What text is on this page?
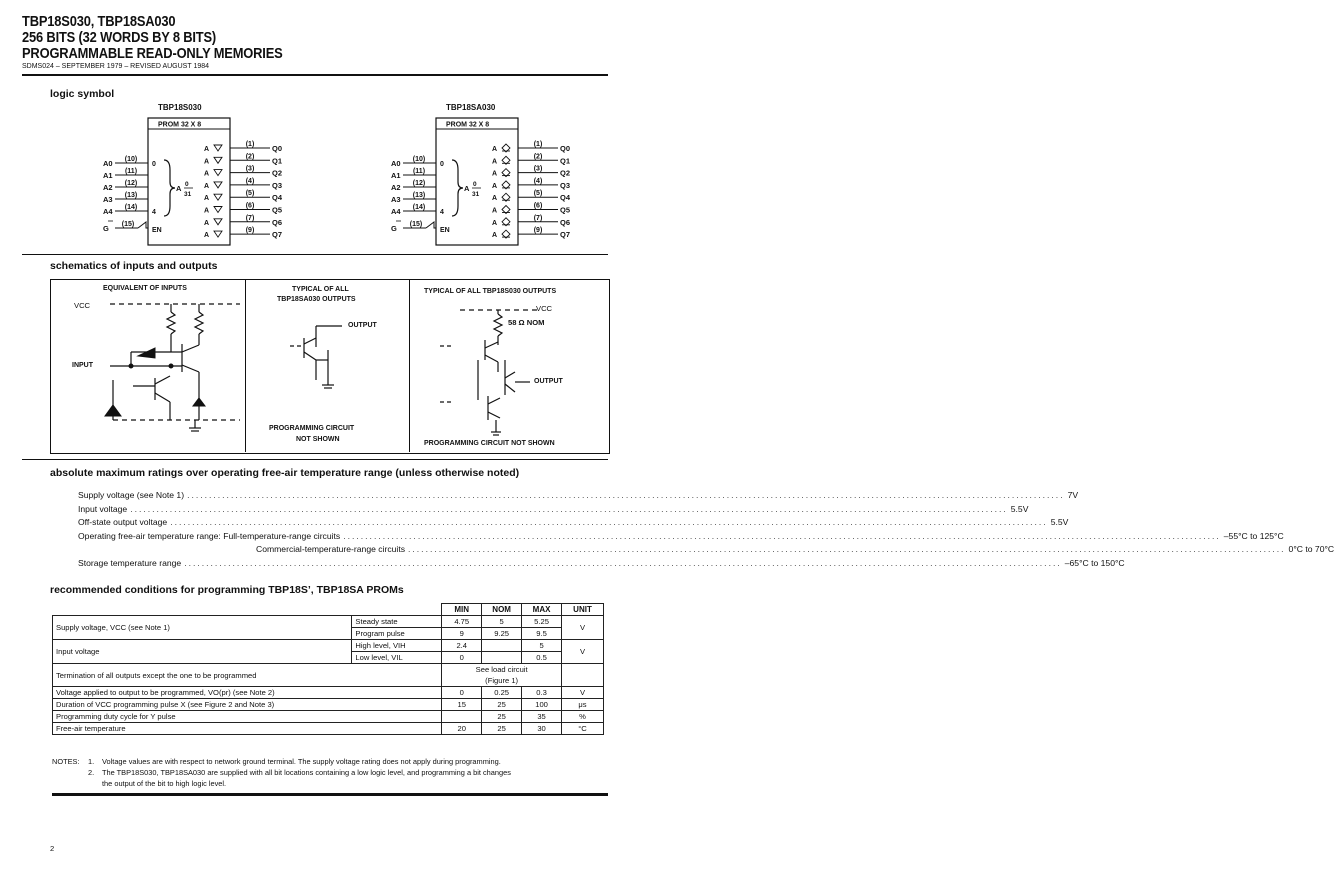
TBP18S030, TBP18SA030
256 BITS (32 WORDS BY 8 BITS)
PROGRAMMABLE READ-ONLY MEMORIES
SDMS024 – SEPTEMBER 1979 – REVISED AUGUST 1984
logic symbol
TBP18S030
PROM 32 X 8
A0 (10)
A1 (11)
A2 (12)
A3 (13)
A4 (14)
G (15)
EN
0
4
A 0
31
A
(1) Q0
A
(2) Q1
A
(3) Q2
A
(4) Q3
A
(5) Q4
A
(6) Q5
A
(7) Q6
A
(9) Q7
TBP18SA030
PROM 32 X 8
A0 (10)
A1 (11)
A2 (12)
A3 (13)
A4 (14)
G (15)
EN
0
4
A 0
31
A
(1) Q0
A
(2) Q1
A
(3) Q2
A
(4) Q3
A
(5) Q4
A
(6) Q5
A
(7) Q6
A
(9) Q7
schematics of inputs and outputs
EQUIVALENT OF INPUTS
VCC
INPUT
TYPICAL OF ALL
TBP18SA030 OUTPUTS
OUTPUT
PROGRAMMING CIRCUIT
NOT SHOWN
TYPICAL OF ALL TBP18S030 OUTPUTS
VCC
58 Ω NOM
OUTPUT
PROGRAMMING CIRCUIT NOT SHOWN
absolute maximum ratings over operating free-air temperature range (unless otherwise noted)
Supply voltage (see Note 1) ........................................................................................................................................................................................................ 7V
Input voltage ........................................................................................................................................................................................................ 5.5V
Off-state output voltage ........................................................................................................................................................................................................ 5.5V
Operating free-air temperature range: Full-temperature-range circuits ........................................................................................................................................................................................................ –55°C to 125°C
Commercial-temperature-range circuits ........................................................................................................................................................................................................ 0°C to 70°C
Storage temperature range ........................................................................................................................................................................................................ –65°C to 150°C
recommended conditions for programming TBP18S’, TBP18SA PROMs
		MIN	NOM	MAX	UNIT
Supply voltage, VCC (see Note 1)	Steady state	4.75	5	5.25	V
	Program pulse	9	9.25	9.5	
Input voltage	High level, VIH	2.4		5	V
	Low level, VIL	0		0.5	
Termination of all outputs except the one to be programmed		See load circuit
(Figure 1)			

Voltage applied to output to be programmed, VO(pr) (see Note 2)		0	0.25	0.3	V
Duration of VCC programming pulse X (see Figure 2 and Note 3)		15	25	100	μs
Programming duty cycle for Y pulse			25	35	%
Free-air temperature		20	25	30	°C
NOTES: 1. Voltage values are with respect to network ground terminal. The supply voltage rating does not apply during programming.
2. The TBP18S030, TBP18SA030 are supplied with all bit locations containing a low logic level, and programming a bit changes
the output of the bit to high logic level.
2
